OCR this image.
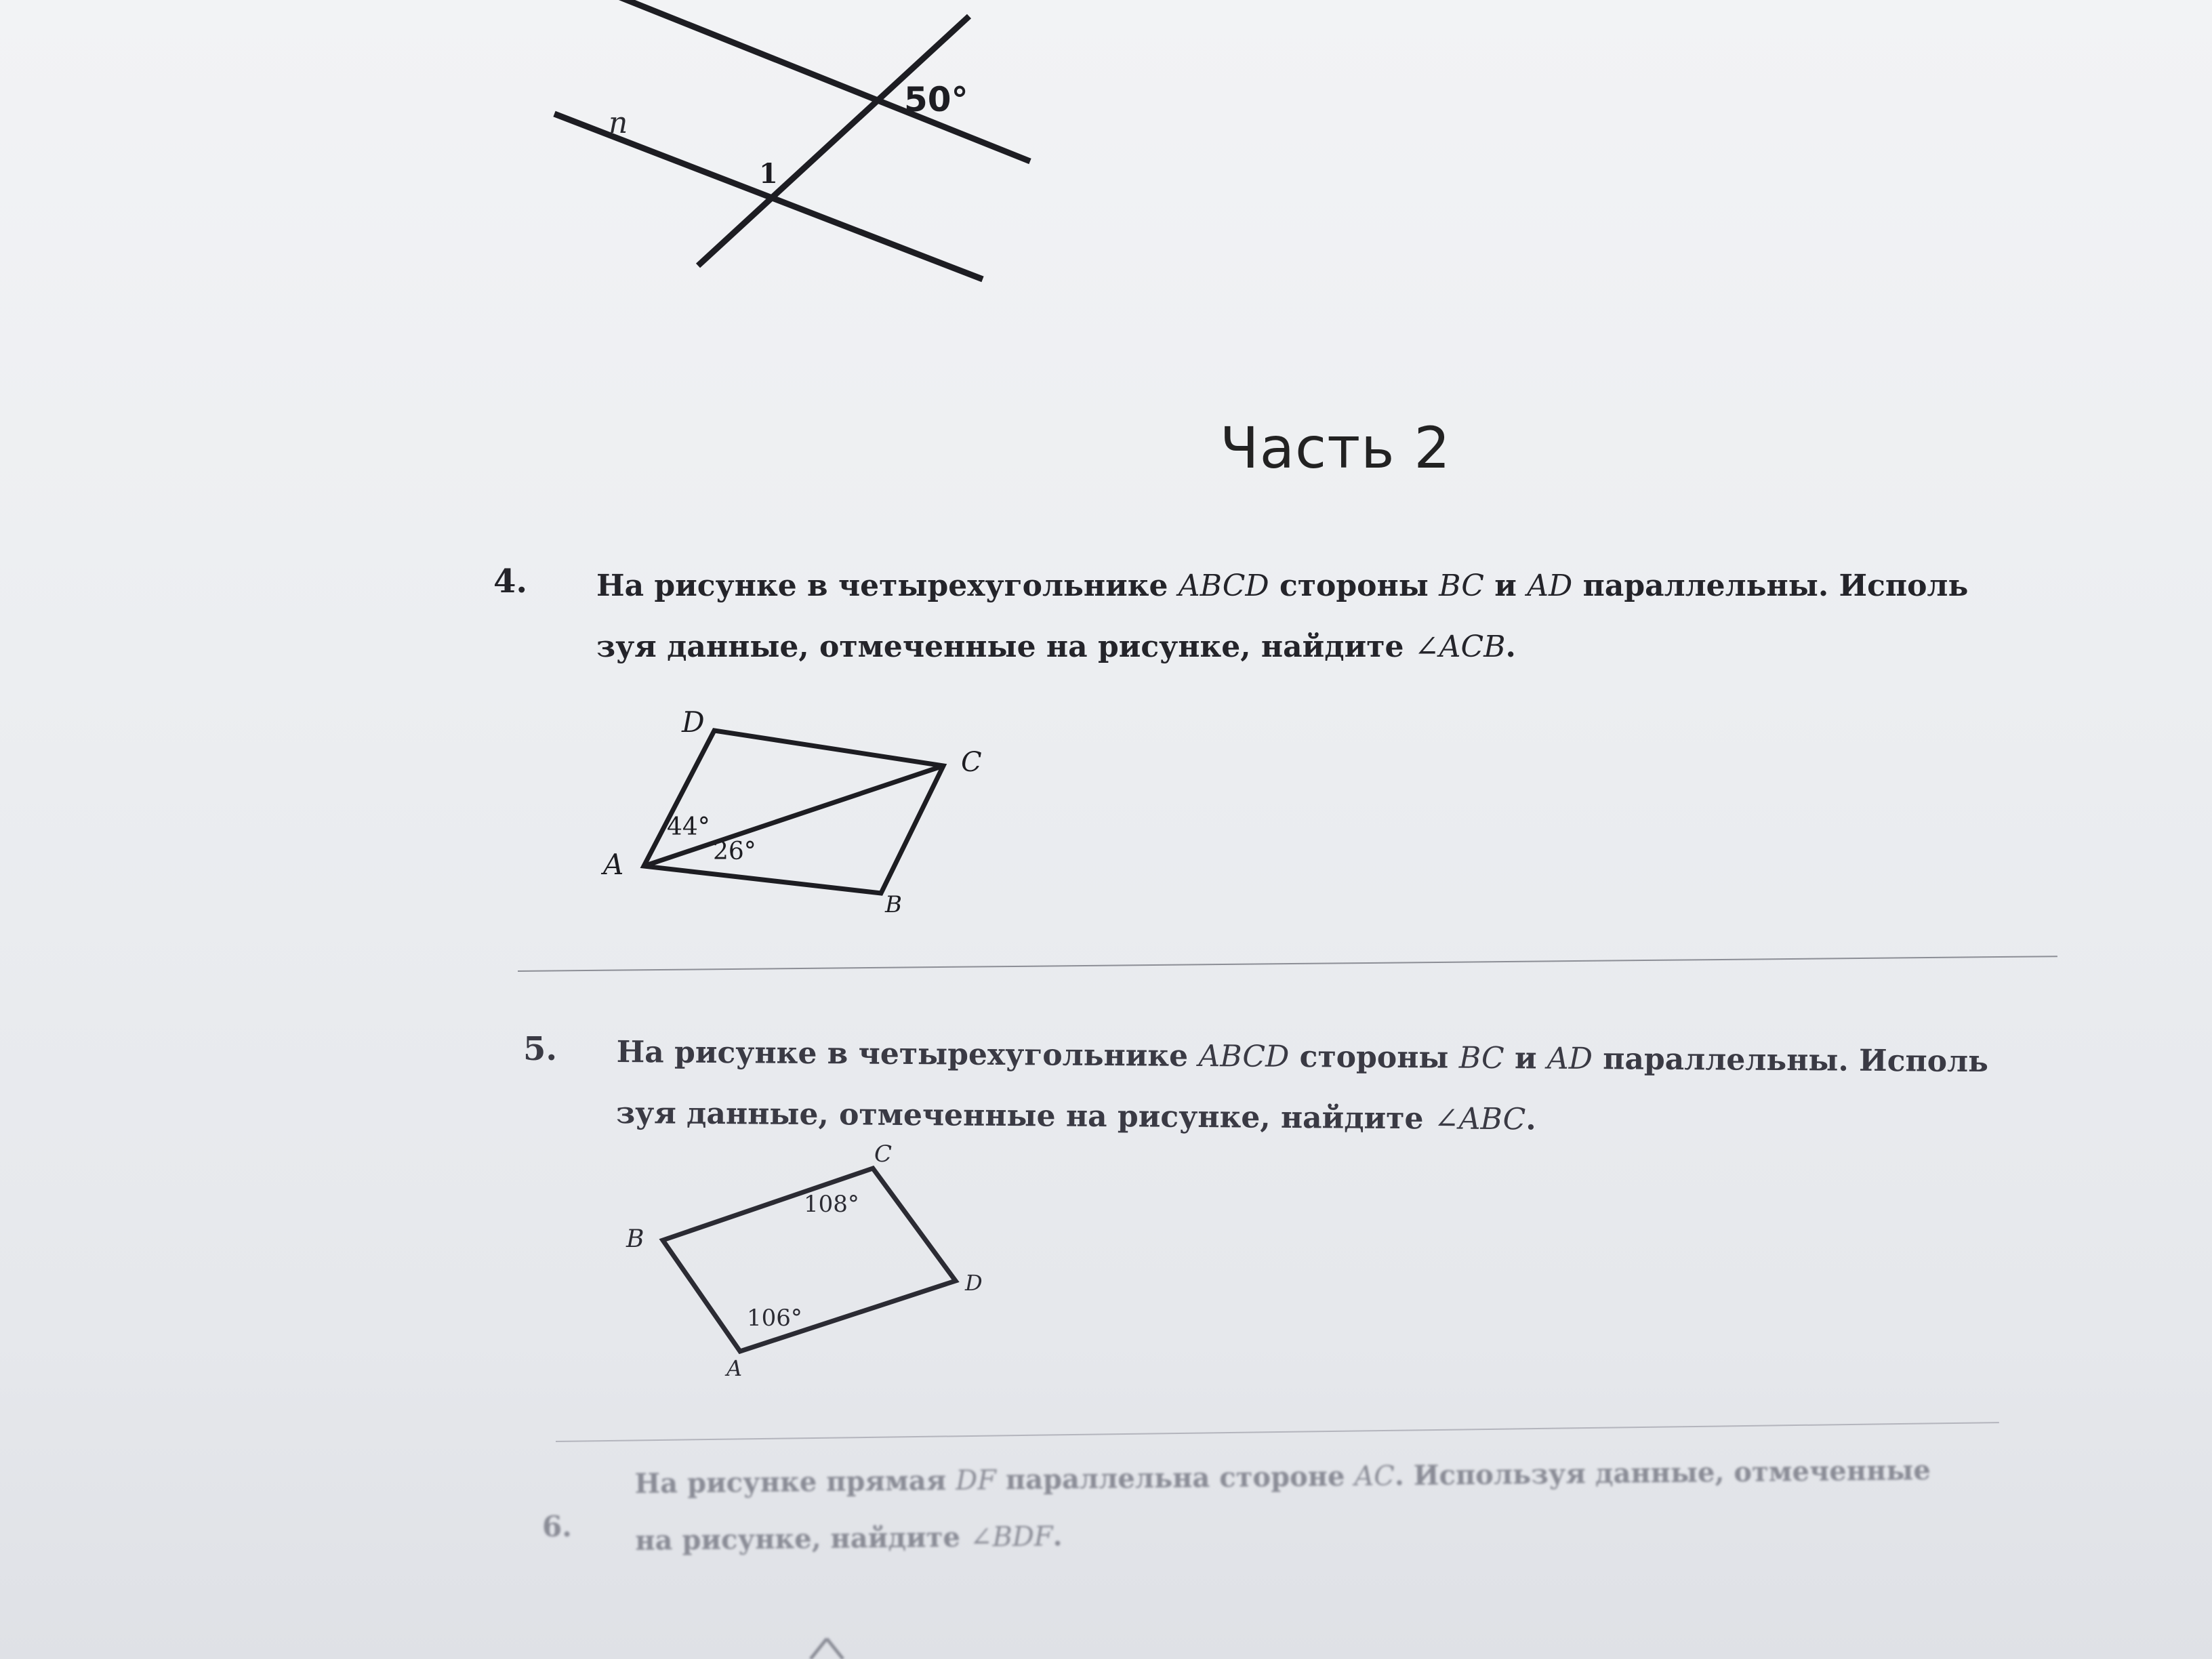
n
50°
1
Часть 2
4. На рисунке в четырехугольнике ABCD стороны BC и AD параллельны. Исполь
зуя данные, отмеченные на рисунке, найдите ∠ACB.
D
C
A
B
44°
26°
5. На рисунке в четырехугольнике ABCD стороны BC и AD параллельны. Исполь
зуя данные, отмеченные на рисунке, найдите ∠ABC.
B
C
D
A
108°
106°
6.
На рисунке прямая DF параллельна стороне AC. Используя данные, отмеченные
на рисунке, найдите ∠BDF.
